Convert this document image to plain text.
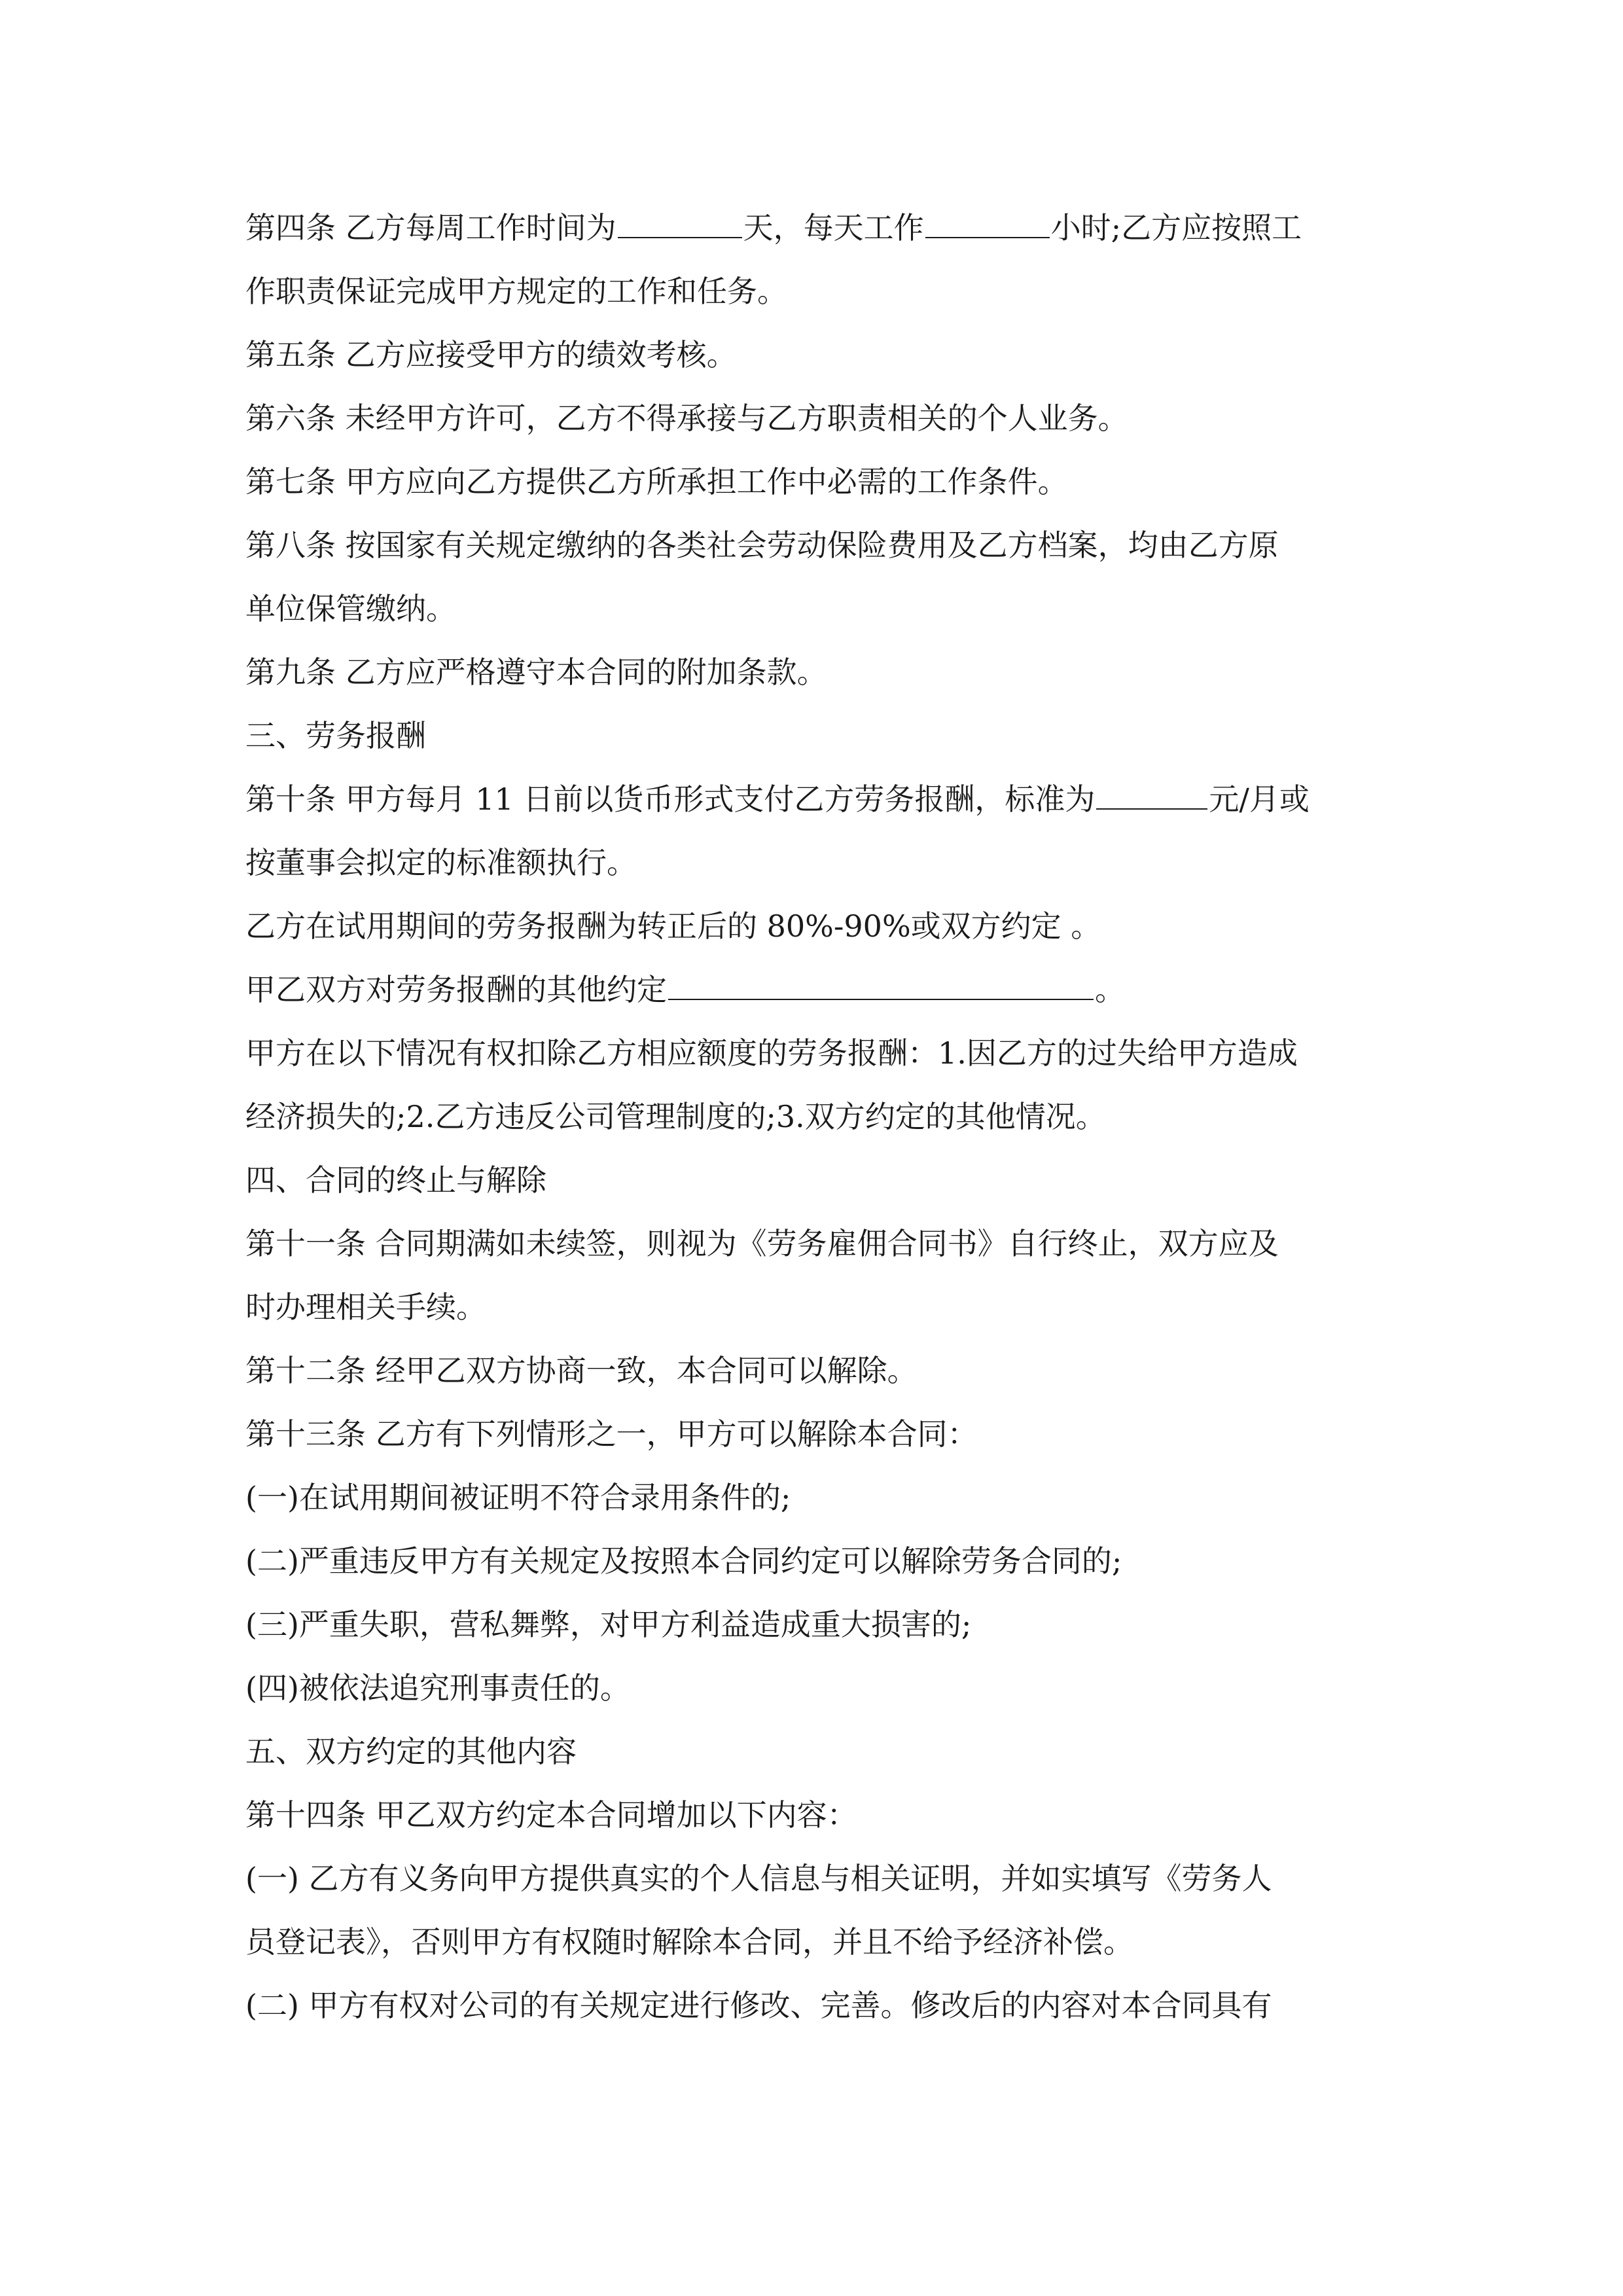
第四条 乙方每周工作时间为	天，每天工作	小时;乙方应按照工
作职责保证完成甲方规定的工作和任务。
第五条 乙方应接受甲方的绩效考核。
第六条 未经甲方许可，乙方不得承接与乙方职责相关的个人业务。
第七条 甲方应向乙方提供乙方所承担工作中必需的工作条件。
第八条 按国家有关规定缴纳的各类社会劳动保险费用及乙方档案，均由乙方原
单位保管缴纳。
第九条 乙方应严格遵守本合同的附加条款。
三、劳务报酬
第十条 甲方每月 11 日前以货币形式支付乙方劳务报酬，标准为	元/月或
按董事会拟定的标准额执行。
乙方在试用期间的劳务报酬为转正后的 80%-90%或双方约定 。
甲乙双方对劳务报酬的其他约定	。
甲方在以下情况有权扣除乙方相应额度的劳务报酬：1.因乙方的过失给甲方造成
经济损失的;2.乙方违反公司管理制度的;3.双方约定的其他情况。
四、合同的终止与解除
第十一条 合同期满如未续签，则视为《劳务雇佣合同书》自行终止，双方应及
时办理相关手续。
第十二条 经甲乙双方协商一致，本合同可以解除。
第十三条 乙方有下列情形之一，甲方可以解除本合同：
(一)在试用期间被证明不符合录用条件的;
(二)严重违反甲方有关规定及按照本合同约定可以解除劳务合同的;
(三)严重失职，营私舞弊，对甲方利益造成重大损害的;
(四)被依法追究刑事责任的。
五、双方约定的其他内容
第十四条 甲乙双方约定本合同增加以下内容：
(一) 乙方有义务向甲方提供真实的个人信息与相关证明，并如实填写《劳务人
员登记表》，否则甲方有权随时解除本合同，并且不给予经济补偿。
(二) 甲方有权对公司的有关规定进行修改、完善。修改后的内容对本合同具有
